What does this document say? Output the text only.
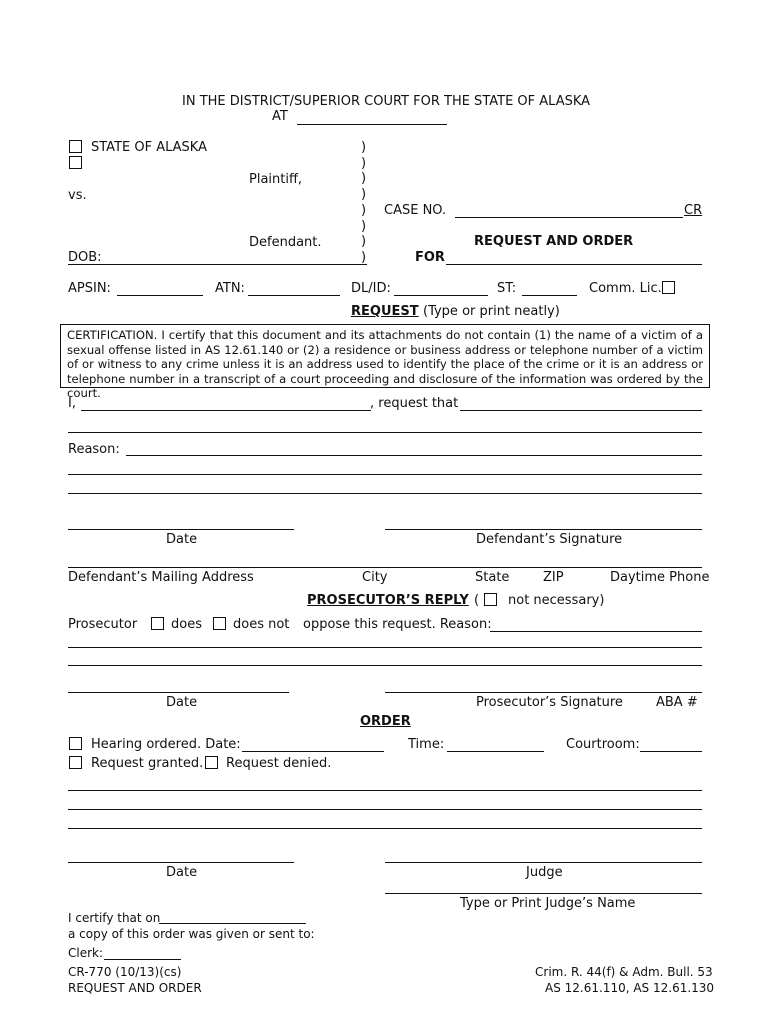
IN THE DISTRICT/SUPERIOR COURT FOR THE STATE OF ALASKA
AT
STATE OF ALASKA
Plaintiff,
vs.
Defendant.
DOB:
)
)
)
)
)
)
)
)
CASE NO.	CR
REQUEST AND ORDER
FOR
APSIN:	ATN:	DL/ID:	ST:	Comm. Lic.
REQUEST (Type or print neatly)
CERTIFICATION. I certify that this document and its attachments do not contain (1) the name of a victim of a sexual offense listed in AS 12.61.140 or (2) a residence or business address or telephone number of a victim of or witness to any crime unless it is an address used to identify the place of the crime or it is an address or telephone number in a transcript of a court proceeding and disclosure of the information was ordered by the court.
I,	, request that
Reason:
Date	Defendant’s Signature
Defendant’s Mailing Address	City	State	ZIP	Daytime Phone
PROSECUTOR’S REPLY ( not necessary)
Prosecutor	does does not oppose this request. Reason:
Date	Prosecutor’s Signature	ABA #
ORDER
Hearing ordered. Date:	Time:	Courtroom:
Request granted. Request denied.
Date	Judge
Type or Print Judge’s Name
I certify that on
a copy of this order was given or sent to:
Clerk:
CR-770 (10/13)(cs)
REQUEST AND ORDER
Crim. R. 44(f) & Adm. Bull. 53
AS 12.61.110, AS 12.61.130
